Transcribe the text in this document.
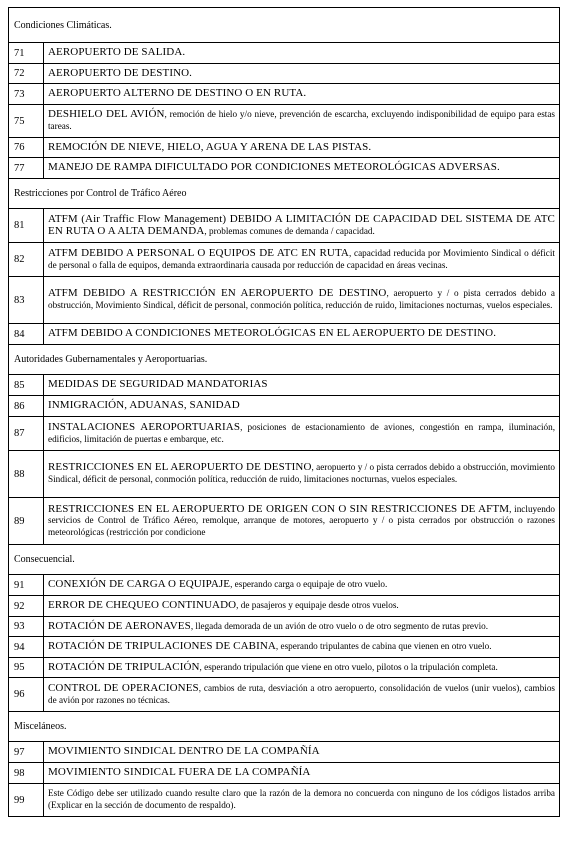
Condiciones Climáticas.	
71	AEROPUERTO DE SALIDA.
72	AEROPUERTO DE DESTINO.
73	AEROPUERTO ALTERNO DE DESTINO O EN RUTA.
75	DESHIELO DEL AVIÓN, remoción de hielo y/o nieve, prevención de escarcha, excluyendo indisponibilidad de equipo para estas tareas.
76	REMOCIÓN DE NIEVE, HIELO, AGUA Y ARENA DE LAS PISTAS.
77	MANEJO DE RAMPA DIFICULTADO POR CONDICIONES METEOROLÓGICAS ADVERSAS.
Restricciones por Control de Tráfico Aéreo	
81	ATFM (Air Traffic Flow Management) DEBIDO A LIMITACIÓN DE CAPACIDAD DEL SISTEMA DE ATC EN RUTA O A ALTA DEMANDA, problemas comunes de demanda / capacidad.
82	ATFM DEBIDO A PERSONAL O EQUIPOS DE ATC EN RUTA, capacidad reducida por Movimiento Sindical o déficit de personal o falla de equipos, demanda extraordinaria causada por reducción de capacidad en áreas vecinas.
83	ATFM DEBIDO A RESTRICCIÓN EN AEROPUERTO DE DESTINO, aeropuerto y / o pista cerrados debido a obstrucción, Movimiento Sindical, déficit de personal, conmoción política, reducción de ruido, limitaciones nocturnas, vuelos especiales.
84	ATFM DEBIDO A CONDICIONES METEOROLÓGICAS EN EL AEROPUERTO DE DESTINO.
Autoridades Gubernamentales y Aeroportuarias.	
85	MEDIDAS DE SEGURIDAD MANDATORIAS
86	INMIGRACIÓN, ADUANAS, SANIDAD
87	INSTALACIONES AEROPORTUARIAS, posiciones de estacionamiento de aviones, congestión en rampa, iluminación, edificios, limitación de puertas e embarque, etc.
88	RESTRICCIONES EN EL AEROPUERTO DE DESTINO, aeropuerto y / o pista cerrados debido a obstrucción, movimiento Sindical, déficit de personal, conmoción política, reducción de ruido, limitaciones nocturnas, vuelos especiales.
89	RESTRICCIONES EN EL AEROPUERTO DE ORIGEN CON O SIN RESTRICCIONES DE AFTM, incluyendo servicios de Control de Tráfico Aéreo, remolque, arranque de motores, aeropuerto y / o pista cerrados por obstrucción o razones meteorológicas (restricción por condicione
Consecuencial.	
91	CONEXIÓN DE CARGA O EQUIPAJE, esperando carga o equipaje de otro vuelo.
92	ERROR DE CHEQUEO CONTINUADO, de pasajeros y equipaje desde otros vuelos.
93	ROTACIÓN DE AERONAVES, llegada demorada de un avión de otro vuelo o de otro segmento de rutas previo.
94	ROTACIÓN DE TRIPULACIONES DE CABINA, esperando tripulantes de cabina que vienen en otro vuelo.
95	ROTACIÓN DE TRIPULACIÓN, esperando tripulación que viene en otro vuelo, pilotos o la tripulación completa.
96	CONTROL DE OPERACIONES, cambios de ruta, desviación a otro aeropuerto, consolidación de vuelos (unir vuelos), cambios de avión por razones no técnicas.
Misceláneos.	
97	MOVIMIENTO SINDICAL DENTRO DE LA COMPAÑÍA
98	MOVIMIENTO SINDICAL FUERA DE LA COMPAÑÍA
99	Este Código debe ser utilizado cuando resulte claro que la razón de la demora no concuerda con ninguno de los códigos listados arriba (Explicar en la sección de documento de respaldo).
